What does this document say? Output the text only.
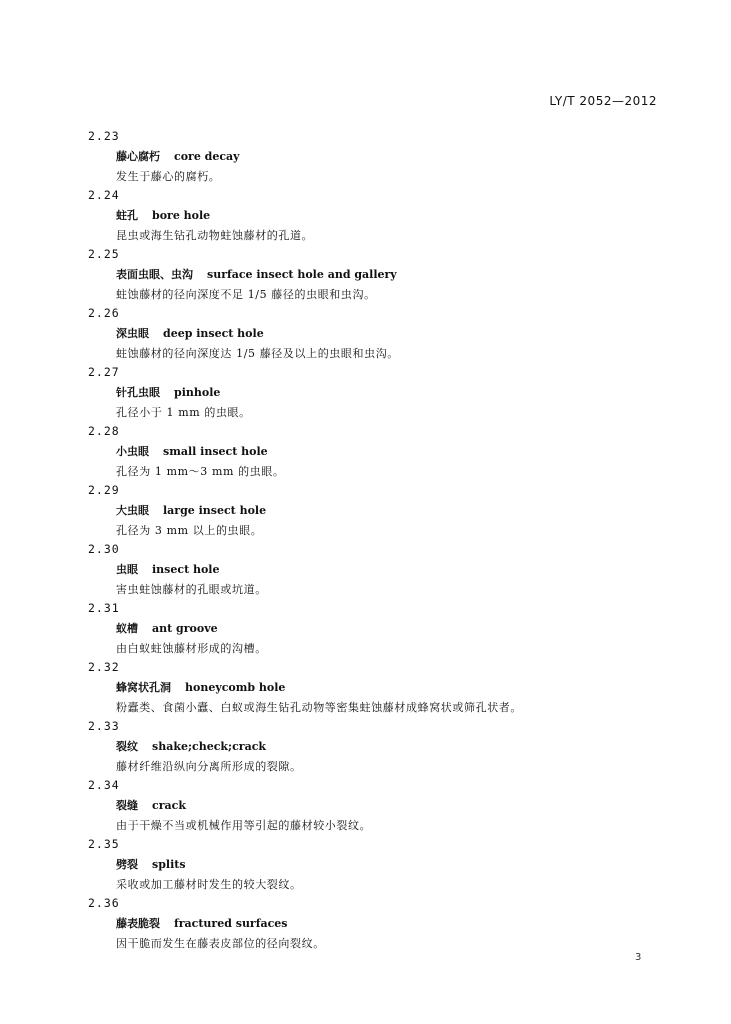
LY/T 2052—2012
2.23
藤心腐朽 core decay
发生于藤心的腐朽。
2.24
蛀孔 bore hole
昆虫或海生钻孔动物蛀蚀藤材的孔道。
2.25
表面虫眼、虫沟 surface insect hole and gallery
蛀蚀藤材的径向深度不足 1/5 藤径的虫眼和虫沟。
2.26
深虫眼 deep insect hole
蛀蚀藤材的径向深度达 1/5 藤径及以上的虫眼和虫沟。
2.27
针孔虫眼 pinhole
孔径小于 1 mm 的虫眼。
2.28
小虫眼 small insect hole
孔径为 1 mm～3 mm 的虫眼。
2.29
大虫眼 large insect hole
孔径为 3 mm 以上的虫眼。
2.30
虫眼 insect hole
害虫蛀蚀藤材的孔眼或坑道。
2.31
蚁槽 ant groove
由白蚁蛀蚀藤材形成的沟槽。
2.32
蜂窝状孔洞 honeycomb hole
粉蠹类、食菌小蠹、白蚁或海生钻孔动物等密集蛀蚀藤材成蜂窝状或筛孔状者。
2.33
裂纹 shake;check;crack
藤材纤维沿纵向分离所形成的裂隙。
2.34
裂缝 crack
由于干燥不当或机械作用等引起的藤材较小裂纹。
2.35
劈裂 splits
采收或加工藤材时发生的较大裂纹。
2.36
藤表脆裂 fractured surfaces
因干脆而发生在藤表皮部位的径向裂纹。
3
